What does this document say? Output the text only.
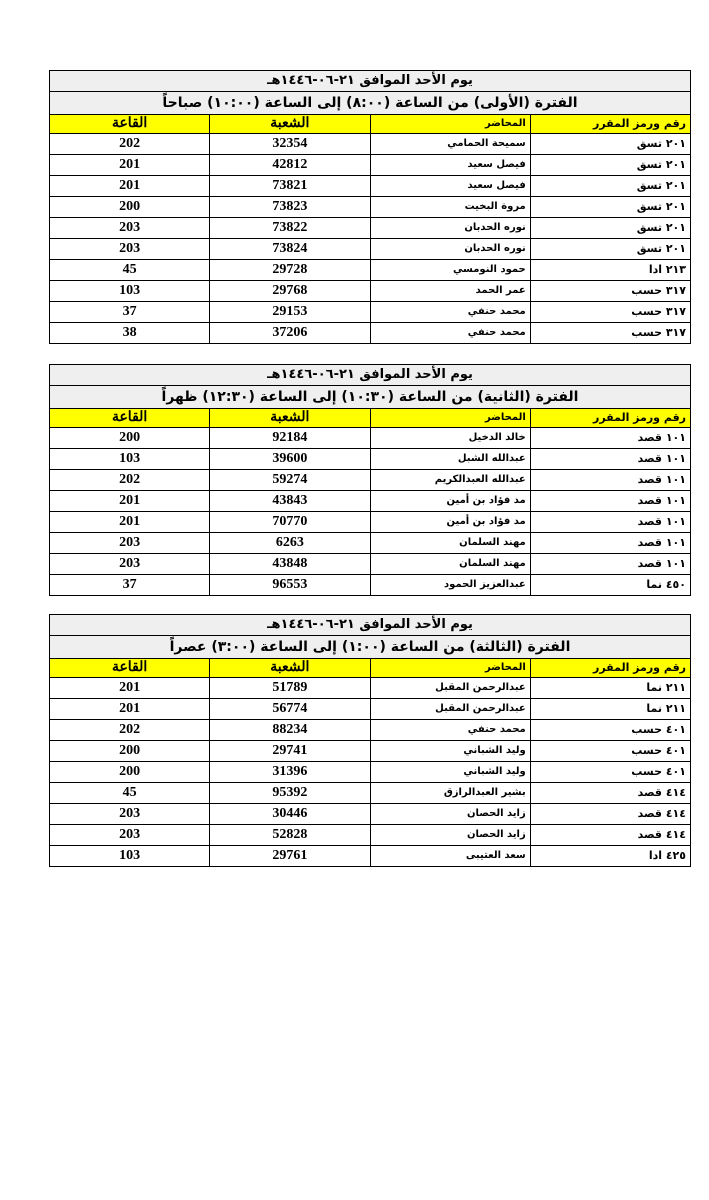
يوم الأحد الموافق ٢١-٠٦-١٤٤٦هـ			
الفترة (الأولى) من الساعة (٨:٠٠) إلى الساعة (١٠:٠٠) صباحاً			
رقم ورمز المقرر	المحاضر	الشعبة	القاعة
٢٠١ تسق	سميحة الحمامي	32354	202
٢٠١ تسق	فيصل سعيد	42812	201
٢٠١ تسق	فيصل سعيد	73821	201
٢٠١ تسق	مروة البخيت	73823	200
٢٠١ تسق	نوره الحدبان	73822	203
٢٠١ تسق	نوره الحدبان	73824	203
٢١٣ ادا	حمود النومسي	29728	45
٣١٧ حسب	عمر الحمد	29768	103
٣١٧ حسب	محمد حنفي	29153	37
٣١٧ حسب	محمد حنفي	37206	38
يوم الأحد الموافق ٢١-٠٦-١٤٤٦هـ			
الفترة (الثانية) من الساعة (١٠:٣٠) إلى الساعة (١٢:٣٠) ظهراً			
رقم ورمز المقرر	المحاضر	الشعبة	القاعة
١٠١ قصد	خالد الدخيل	92184	200
١٠١ قصد	عبدالله الشبل	39600	103
١٠١ قصد	عبدالله العبدالكريم	59274	202
١٠١ قصد	مد فؤاد بن أمين	43843	201
١٠١ قصد	مد فؤاد بن أمين	70770	201
١٠١ قصد	مهند السلمان	6263	203
١٠١ قصد	مهند السلمان	43848	203
٤٥٠ نما	عبدالعزيز الحمود	96553	37
يوم الأحد الموافق ٢١-٠٦-١٤٤٦هـ			
الفترة (الثالثة) من الساعة (١:٠٠) إلى الساعة (٣:٠٠) عصراً			
رقم ورمز المقرر	المحاضر	الشعبة	القاعة
٢١١ نما	عبدالرحمن المقبل	51789	201
٢١١ نما	عبدالرحمن المقبل	56774	201
٤٠١ حسب	محمد حنفي	88234	202
٤٠١ حسب	وليد الشباني	29741	200
٤٠١ حسب	وليد الشباني	31396	200
٤١٤ قصد	بشير العبدالرازق	95392	45
٤١٤ قصد	زايد الحصان	30446	203
٤١٤ قصد	زايد الحصان	52828	203
٤٢٥ ادا	سعد العتيبى	29761	103
